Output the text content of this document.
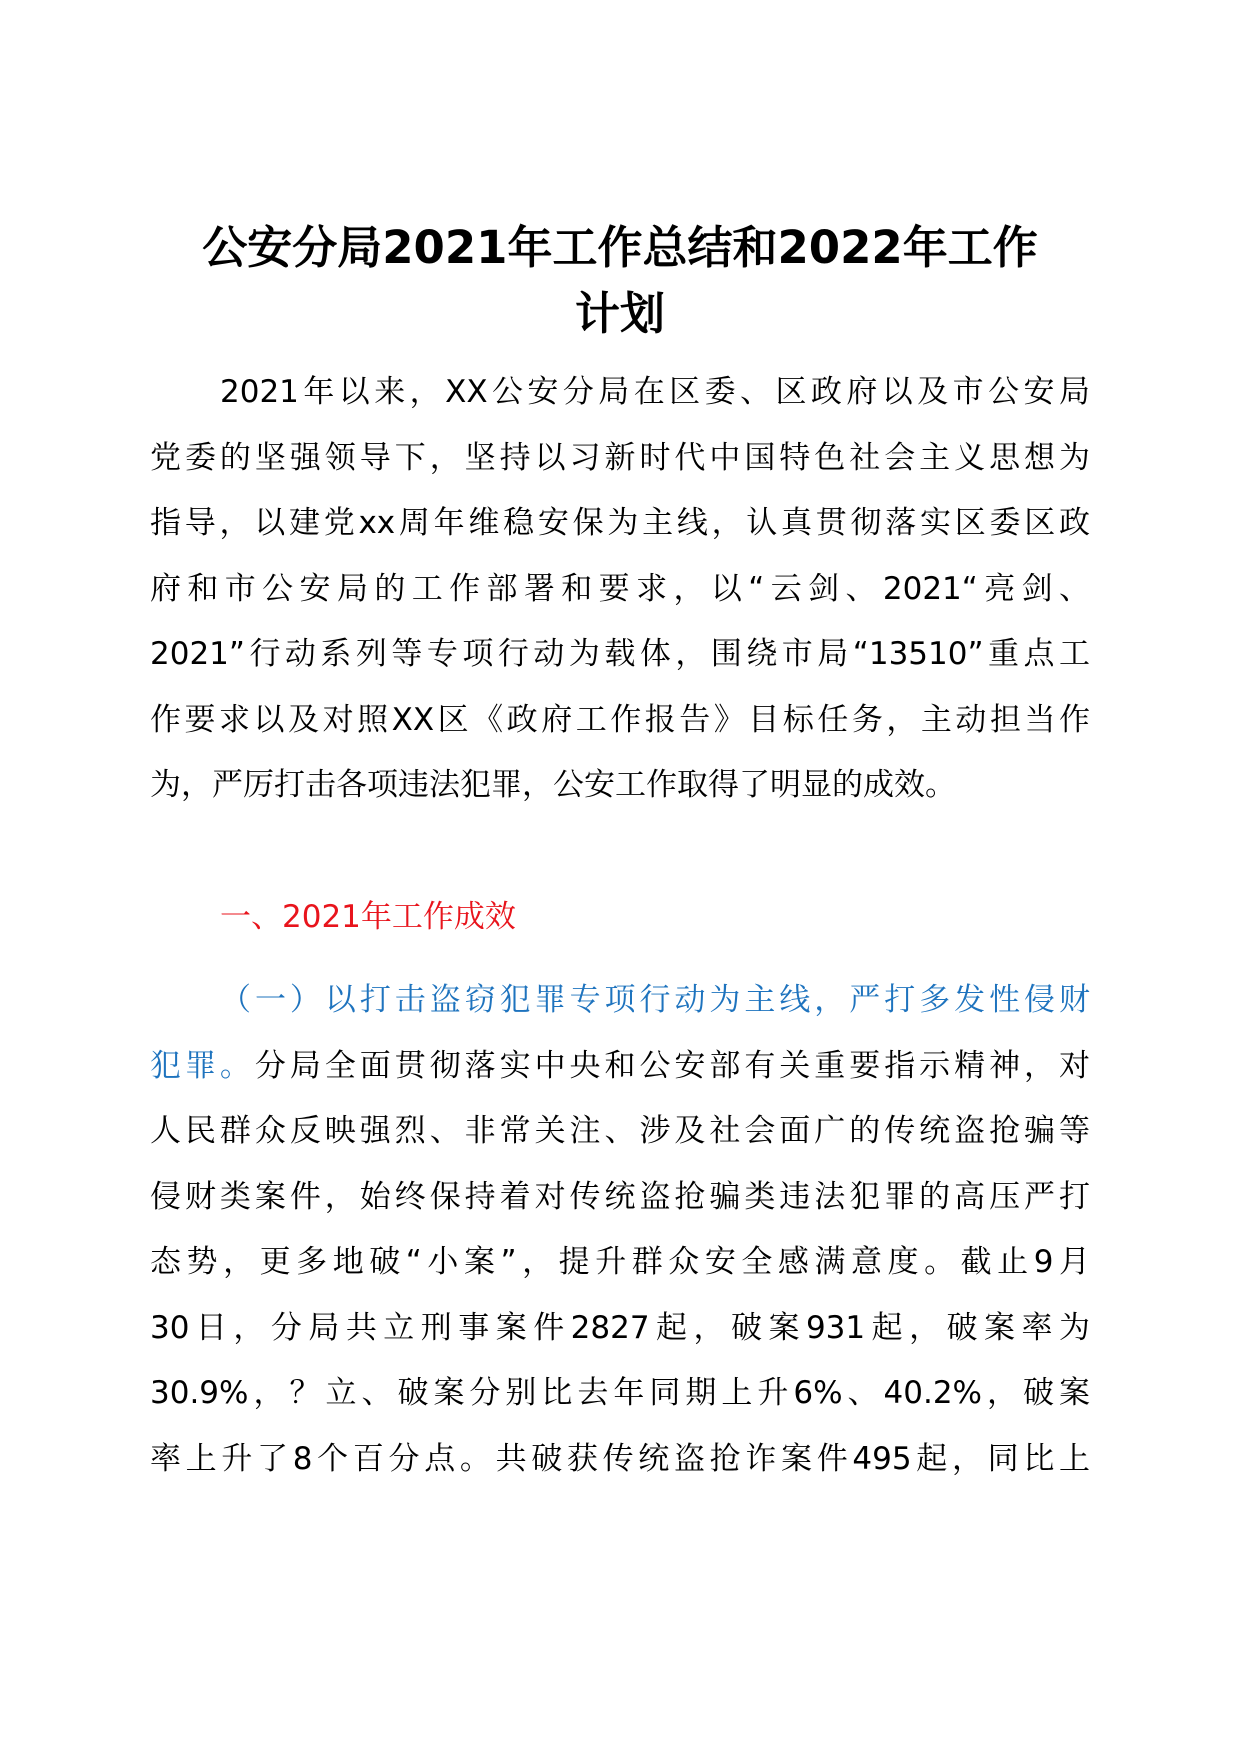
公安分局2021年工作总结和2022年工作
计划

2021年以来，XX公安分局在区委、区政府以及市公安局
党委的坚强领导下，坚持以习新时代中国特色社会主义思想为
指导，以建党xx周年维稳安保为主线，认真贯彻落实区委区政
府和市公安局的工作部署和要求，以“云剑、2021“亮剑、
2021”行动系列等专项行动为载体，围绕市局“13510”重点工
作要求以及对照XX区《政府工作报告》目标任务，主动担当作
为，严厉打击各项违法犯罪，公安工作取得了明显的成效。

一、2021年工作成效

（一）以打击盗窃犯罪专项行动为主线，严打多发性侵财
犯罪。分局全面贯彻落实中央和公安部有关重要指示精神，对
人民群众反映强烈、非常关注、涉及社会面广的传统盗抢骗等
侵财类案件，始终保持着对传统盗抢骗类违法犯罪的高压严打
态势，更多地破“小案”，提升群众安全感满意度。截止9月
30日，分局共立刑事案件2827起，破案931起，破案率为
30.9%，？立、破案分别比去年同期上升6%、40.2%，破案
率上升了8个百分点。共破获传统盗抢诈案件495起，同比上
